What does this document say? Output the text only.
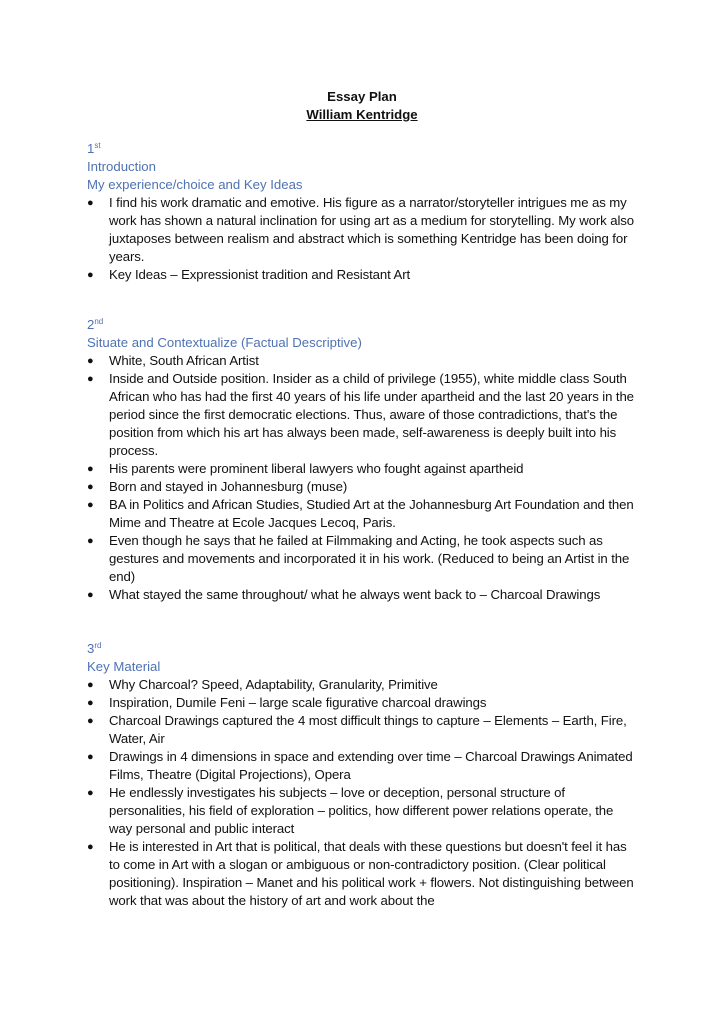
Essay Plan

William Kentridge

1st

Introduction

My experience/choice and Key Ideas

● I find his work dramatic and emotive. His figure as a narrator/storyteller intrigues me as my work has shown a natural inclination for using art as a medium for storytelling. My work also juxtaposes between realism and abstract which is something Kentridge has been doing for years.
● Key Ideas – Expressionist tradition and Resistant Art

2nd

Situate and Contextualize (Factual Descriptive)

● White, South African Artist
● Inside and Outside position. Insider as a child of privilege (1955), white middle class South African who has had the first 40 years of his life under apartheid and the last 20 years in the period since the first democratic elections. Thus, aware of those contradictions, that's the position from which his art has always been made, self-awareness is deeply built into his process.
● His parents were prominent liberal lawyers who fought against apartheid
● Born and stayed in Johannesburg (muse)
● BA in Politics and African Studies, Studied Art at the Johannesburg Art Foundation and then Mime and Theatre at Ecole Jacques Lecoq, Paris.
● Even though he says that he failed at Filmmaking and Acting, he took aspects such as gestures and movements and incorporated it in his work. (Reduced to being an Artist in the end)
● What stayed the same throughout/ what he always went back to – Charcoal Drawings

3rd

Key Material

● Why Charcoal? Speed, Adaptability, Granularity, Primitive
● Inspiration, Dumile Feni – large scale figurative charcoal drawings
● Charcoal Drawings captured the 4 most difficult things to capture – Elements – Earth, Fire, Water, Air
● Drawings in 4 dimensions in space and extending over time – Charcoal Drawings Animated Films, Theatre (Digital Projections), Opera
● He endlessly investigates his subjects – love or deception, personal structure of personalities, his field of exploration – politics, how different power relations operate, the way personal and public interact
● He is interested in Art that is political, that deals with these questions but doesn't feel it has to come in Art with a slogan or ambiguous or non-contradictory position. (Clear political positioning). Inspiration – Manet and his political work + flowers. Not distinguishing between work that was about the history of art and work about the
